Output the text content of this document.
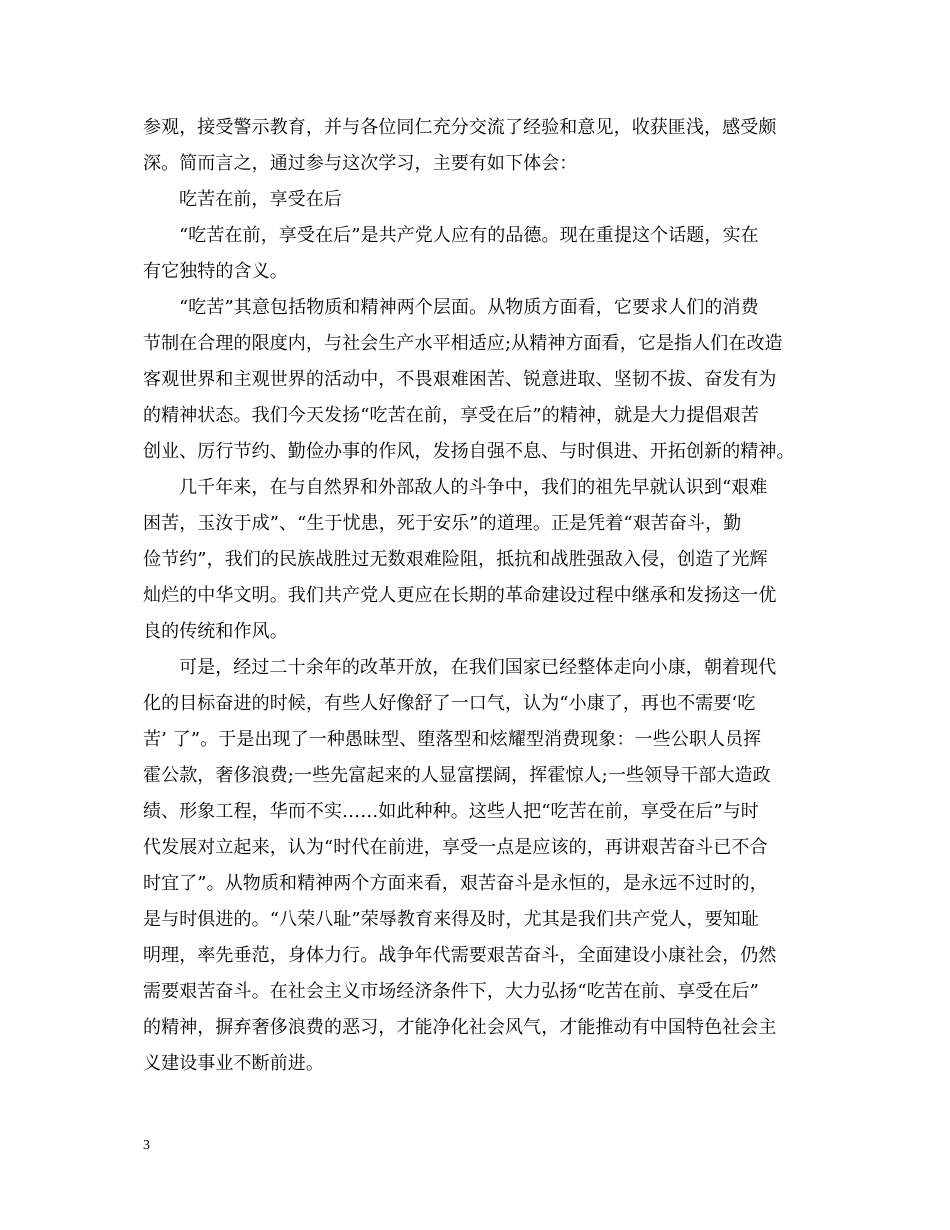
参观，接受警示教育，并与各位同仁充分交流了经验和意见，收获匪浅，感受颇
深。简而言之，通过参与这次学习，主要有如下体会：
吃苦在前，享受在后
“吃苦在前，享受在后”是共产党人应有的品德。现在重提这个话题，实在
有它独特的含义。
“吃苦”其意包括物质和精神两个层面。从物质方面看，它要求人们的消费
节制在合理的限度内，与社会生产水平相适应;从精神方面看，它是指人们在改造
客观世界和主观世界的活动中，不畏艰难困苦、锐意进取、坚韧不拔、奋发有为
的精神状态。我们今天发扬“吃苦在前，享受在后”的精神，就是大力提倡艰苦
创业、厉行节约、勤俭办事的作风，发扬自强不息、与时俱进、开拓创新的精神。
几千年来，在与自然界和外部敌人的斗争中，我们的祖先早就认识到“艰难
困苦，玉汝于成”、“生于忧患，死于安乐”的道理。正是凭着“艰苦奋斗，勤
俭节约”，我们的民族战胜过无数艰难险阻，抵抗和战胜强敌入侵，创造了光辉
灿烂的中华文明。我们共产党人更应在长期的革命建设过程中继承和发扬这一优
良的传统和作风。
可是，经过二十余年的改革开放，在我们国家已经整体走向小康，朝着现代
化的目标奋进的时候，有些人好像舒了一口气，认为“小康了，再也不需要‘吃
苦’ 了”。于是出现了一种愚昧型、堕落型和炫耀型消费现象：一些公职人员挥
霍公款，奢侈浪费;一些先富起来的人显富摆阔，挥霍惊人;一些领导干部大造政
绩、形象工程，华而不实……如此种种。这些人把“吃苦在前，享受在后”与时
代发展对立起来，认为“时代在前进，享受一点是应该的，再讲艰苦奋斗已不合
时宜了”。从物质和精神两个方面来看，艰苦奋斗是永恒的，是永远不过时的，
是与时俱进的。“八荣八耻”荣辱教育来得及时，尤其是我们共产党人，要知耻
明理，率先垂范，身体力行。战争年代需要艰苦奋斗，全面建设小康社会，仍然
需要艰苦奋斗。在社会主义市场经济条件下，大力弘扬“吃苦在前、享受在后”
的精神，摒弃奢侈浪费的恶习，才能净化社会风气，才能推动有中国特色社会主
义建设事业不断前进。
3
